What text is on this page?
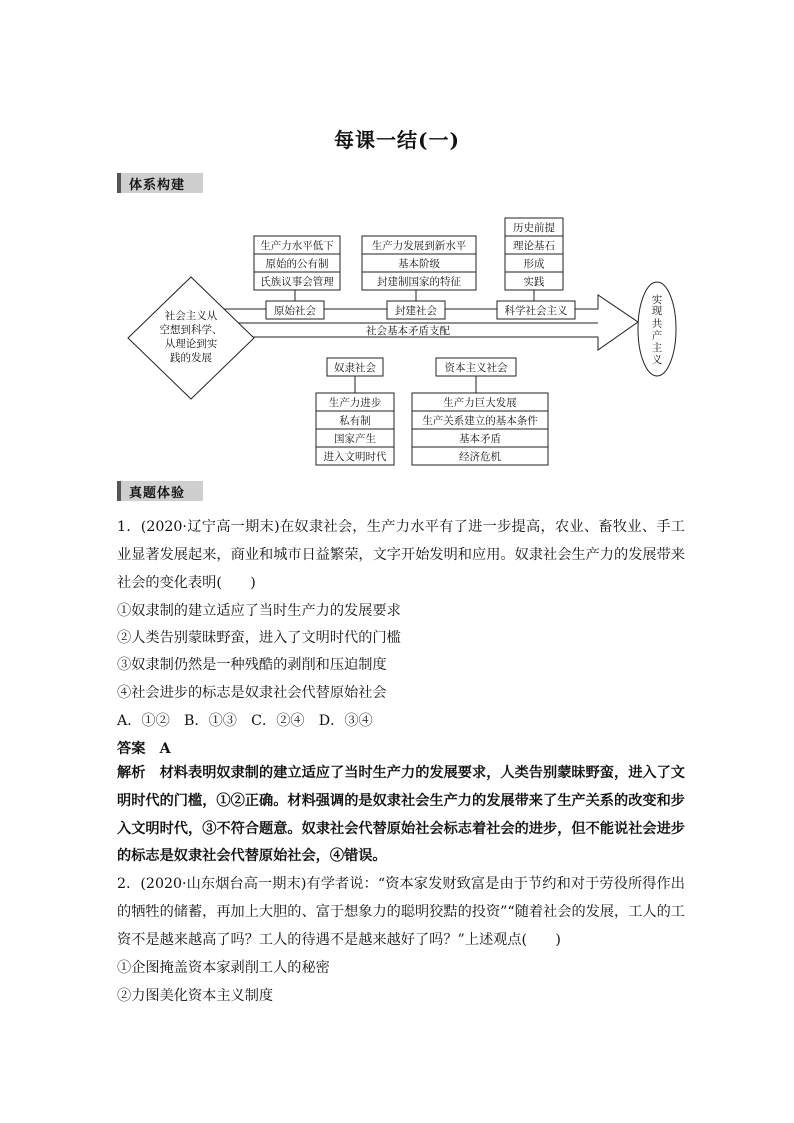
每课一结(一)
体系构建
社会主义从
空想到科学、
从理论到实
践的发展
社会基本矛盾支配
实
现
共
产
主
义
原始社会
生产力水平低下
原始的公有制
氏族议事会管理
封建社会
生产力发展到新水平
基本阶级
封建制国家的特征
科学社会主义
历史前提
理论基石
形成
实践
奴隶社会
生产力进步
私有制
国家产生
进入文明时代
资本主义社会
生产力巨大发展
生产关系建立的基本条件
基本矛盾
经济危机
真题体验
1．(2020·辽宁高一期末)在奴隶社会，生产力水平有了进一步提高，农业、畜牧业、手工业显著发展起来，商业和城市日益繁荣，文字开始发明和应用。奴隶社会生产力的发展带来社会的变化表明(　　)
①奴隶制的建立适应了当时生产力的发展要求
②人类告别蒙昧野蛮，进入了文明时代的门槛
③奴隶制仍然是一种残酷的剥削和压迫制度
④社会进步的标志是奴隶社会代替原始社会
A．①②　B．①③　C．②④　D．③④
答案　A
解析　材料表明奴隶制的建立适应了当时生产力的发展要求，人类告别蒙昧野蛮，进入了文明时代的门槛，①②正确。材料强调的是奴隶社会生产力的发展带来了生产关系的改变和步入文明时代，③不符合题意。奴隶社会代替原始社会标志着社会的进步，但不能说社会进步的标志是奴隶社会代替原始社会，④错误。
2．(2020·山东烟台高一期末)有学者说：“资本家发财致富是由于节约和对于劳役所得作出的牺牲的储蓄，再加上大胆的、富于想象力的聪明狡黠的投资”“随着社会的发展，工人的工资不是越来越高了吗？工人的待遇不是越来越好了吗？”上述观点(　　)
①企图掩盖资本家剥削工人的秘密
②力图美化资本主义制度
